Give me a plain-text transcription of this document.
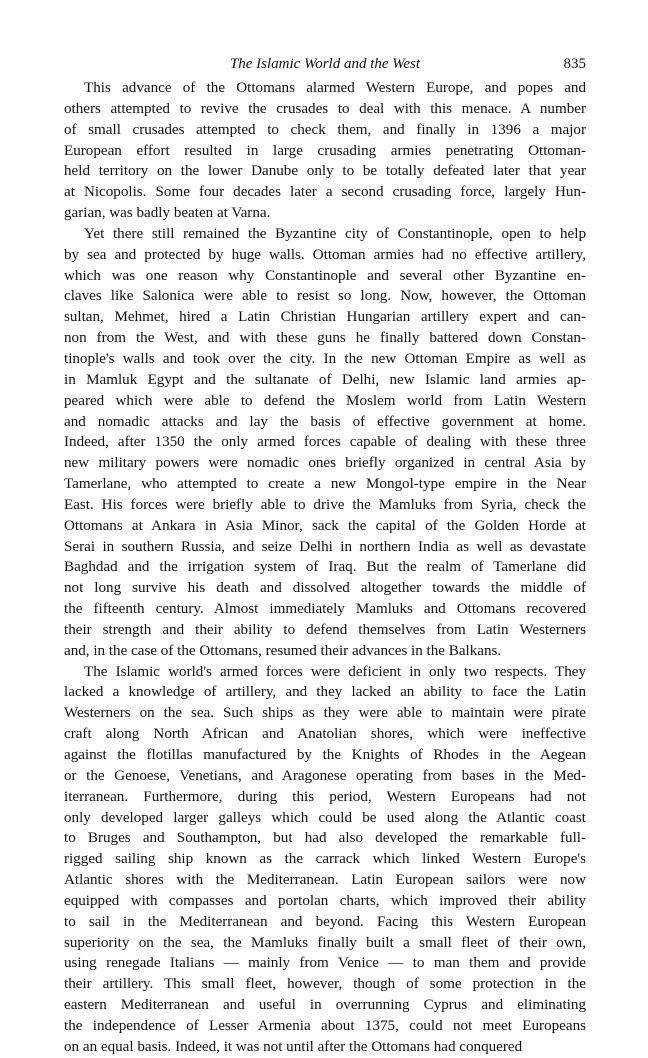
The Islamic World and the West	835
This advance of the Ottomans alarmed Western Europe, and popes and
others attempted to revive the crusades to deal with this menace. A number
of small crusades attempted to check them, and finally in 1396 a major
European effort resulted in large crusading armies penetrating Ottoman-
held territory on the lower Danube only to be totally defeated later that year
at Nicopolis. Some four decades later a second crusading force, largely Hun-
garian, was badly beaten at Varna.
Yet there still remained the Byzantine city of Constantinople, open to help
by sea and protected by huge walls. Ottoman armies had no effective artillery,
which was one reason why Constantinople and several other Byzantine en-
claves like Salonica were able to resist so long. Now, however, the Ottoman
sultan, Mehmet, hired a Latin Christian Hungarian artillery expert and can-
non from the West, and with these guns he finally battered down Constan-
tinople's walls and took over the city. In the new Ottoman Empire as well as
in Mamluk Egypt and the sultanate of Delhi, new Islamic land armies ap-
peared which were able to defend the Moslem world from Latin Western
and nomadic attacks and lay the basis of effective government at home.
Indeed, after 1350 the only armed forces capable of dealing with these three
new military powers were nomadic ones briefly organized in central Asia by
Tamerlane, who attempted to create a new Mongol-type empire in the Near
East. His forces were briefly able to drive the Mamluks from Syria, check the
Ottomans at Ankara in Asia Minor, sack the capital of the Golden Horde at
Serai in southern Russia, and seize Delhi in northern India as well as devastate
Baghdad and the irrigation system of Iraq. But the realm of Tamerlane did
not long survive his death and dissolved altogether towards the middle of
the fifteenth century. Almost immediately Mamluks and Ottomans recovered
their strength and their ability to defend themselves from Latin Westerners
and, in the case of the Ottomans, resumed their advances in the Balkans.
The Islamic world's armed forces were deficient in only two respects. They
lacked a knowledge of artillery, and they lacked an ability to face the Latin
Westerners on the sea. Such ships as they were able to maintain were pirate
craft along North African and Anatolian shores, which were ineffective
against the flotillas manufactured by the Knights of Rhodes in the Aegean
or the Genoese, Venetians, and Aragonese operating from bases in the Med-
iterranean. Furthermore, during this period, Western Europeans had not
only developed larger galleys which could be used along the Atlantic coast
to Bruges and Southampton, but had also developed the remarkable full-
rigged sailing ship known as the carrack which linked Western Europe's
Atlantic shores with the Mediterranean. Latin European sailors were now
equipped with compasses and portolan charts, which improved their ability
to sail in the Mediterranean and beyond. Facing this Western European
superiority on the sea, the Mamluks finally built a small fleet of their own,
using renegade Italians — mainly from Venice — to man them and provide
their artillery. This small fleet, however, though of some protection in the
eastern Mediterranean and useful in overrunning Cyprus and eliminating
the independence of Lesser Armenia about 1375, could not meet Europeans
on an equal basis. Indeed, it was not until after the Ottomans had conquered
